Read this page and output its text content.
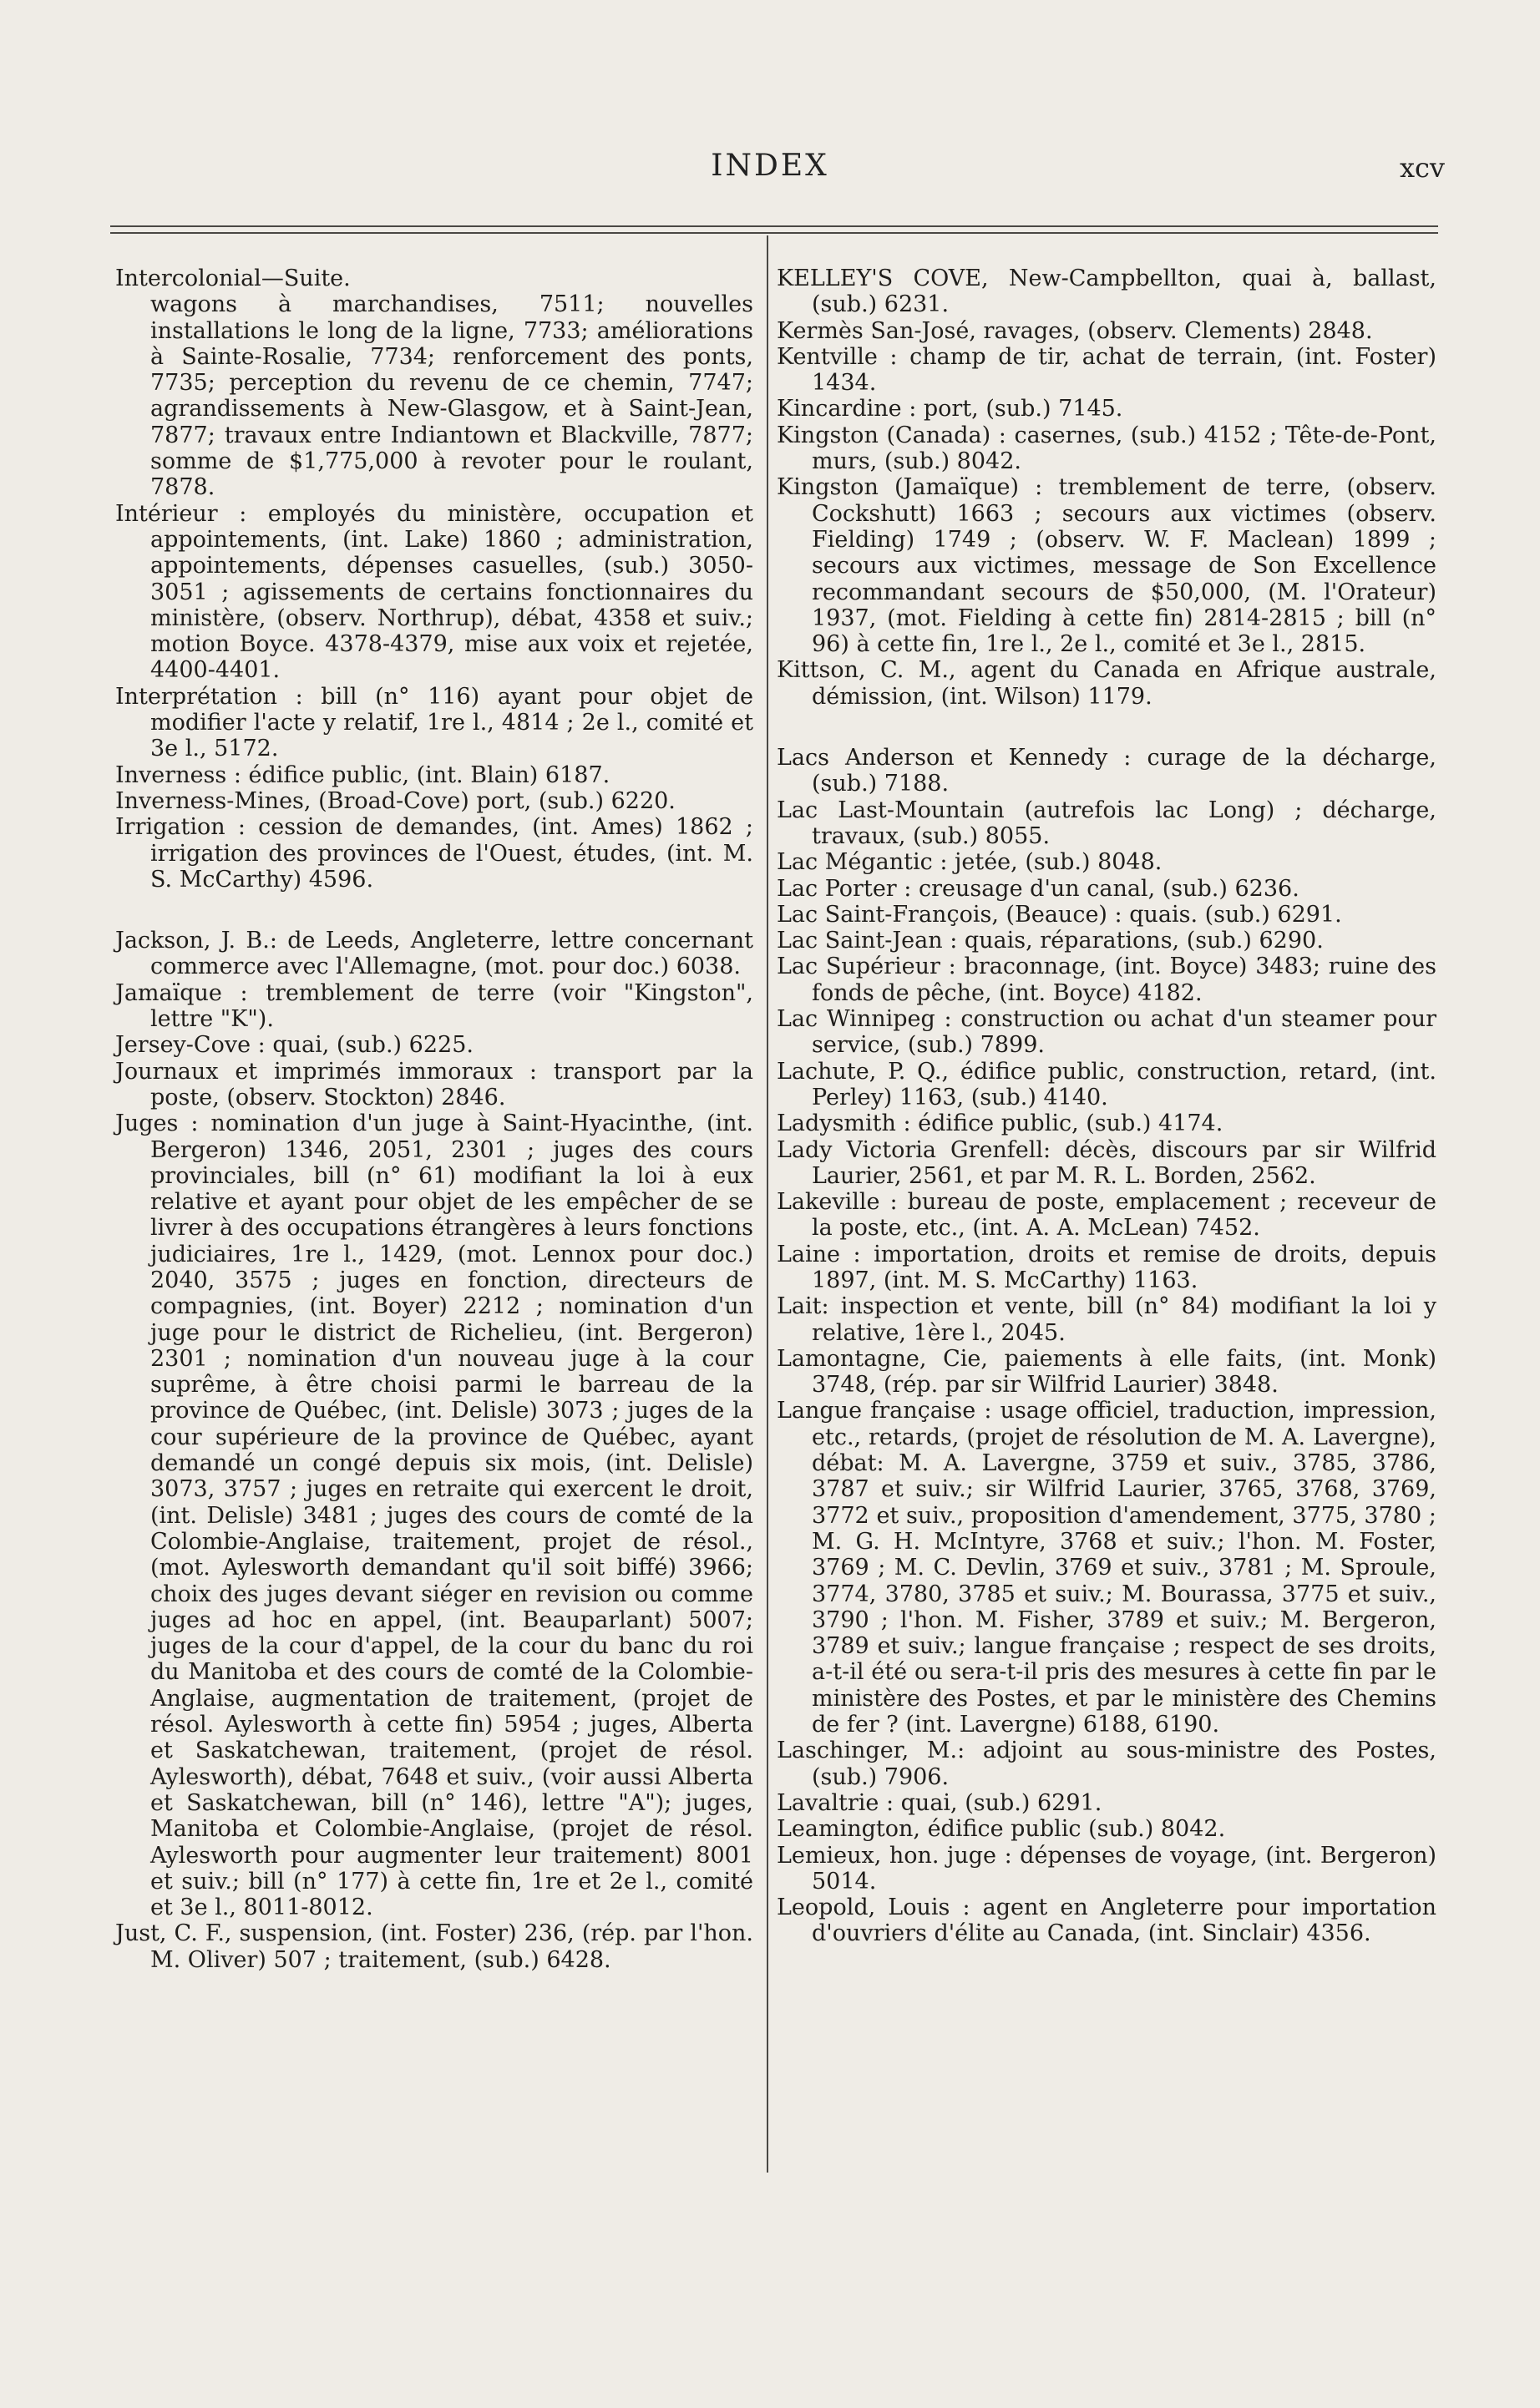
INDEX	xcv

Intercolonial—Suite.

wagons à marchandises, 7511; nouvelles installations le long de la ligne, 7733; améliorations à Sainte-Rosalie, 7734; renforcement des ponts, 7735; perception du revenu de ce chemin, 7747; agrandissements à New-Glasgow, et à Saint-Jean, 7877; travaux entre Indiantown et Blackville, 7877; somme de $1,775,000 à revoter pour le roulant, 7878.

Intérieur : employés du ministère, occupation et appointements, (int. Lake) 1860 ; administration, appointements, dépenses casuelles, (sub.) 3050-3051 ; agissements de certains fonctionnaires du ministère, (observ. Northrup), débat, 4358 et suiv.; motion Boyce. 4378-4379, mise aux voix et rejetée, 4400-4401.

Interprétation : bill (n° 116) ayant pour objet de modifier l'acte y relatif, 1re l., 4814 ; 2e l., comité et 3e l., 5172.

Inverness : édifice public, (int. Blain) 6187.

Inverness-Mines, (Broad-Cove) port, (sub.) 6220.

Irrigation : cession de demandes, (int. Ames) 1862 ; irrigation des provinces de l'Ouest, études, (int. M. S. McCarthy) 4596.

Jackson, J. B.: de Leeds, Angleterre, lettre concernant commerce avec l'Allemagne, (mot. pour doc.) 6038.

Jamaïque : tremblement de terre (voir "Kingston", lettre "K").

Jersey-Cove : quai, (sub.) 6225.

Journaux et imprimés immoraux : transport par la poste, (observ. Stockton) 2846.

Juges : nomination d'un juge à Saint-Hyacinthe, (int. Bergeron) 1346, 2051, 2301 ; juges des cours provinciales, bill (n° 61) modifiant la loi à eux relative et ayant pour objet de les empêcher de se livrer à des occupations étrangères à leurs fonctions judiciaires, 1re l., 1429, (mot. Lennox pour doc.) 2040, 3575 ; juges en fonction, directeurs de compagnies, (int. Boyer) 2212 ; nomination d'un juge pour le district de Richelieu, (int. Bergeron) 2301 ; nomination d'un nouveau juge à la cour suprême, à être choisi parmi le barreau de la province de Québec, (int. Delisle) 3073 ; juges de la cour supérieure de la province de Québec, ayant demandé un congé depuis six mois, (int. Delisle) 3073, 3757 ; juges en retraite qui exercent le droit, (int. Delisle) 3481 ; juges des cours de comté de la Colombie-Anglaise, traitement, projet de résol., (mot. Aylesworth demandant qu'il soit biffé) 3966; choix des juges devant siéger en revision ou comme juges ad hoc en appel, (int. Beauparlant) 5007; juges de la cour d'appel, de la cour du banc du roi du Manitoba et des cours de comté de la Colombie-Anglaise, augmentation de traitement, (projet de résol. Aylesworth à cette fin) 5954 ; juges, Alberta et Saskatchewan, traitement, (projet de résol. Aylesworth), débat, 7648 et suiv., (voir aussi Alberta et Saskatchewan, bill (n° 146), lettre "A"); juges, Manitoba et Colombie-Anglaise, (projet de résol. Aylesworth pour augmenter leur traitement) 8001 et suiv.; bill (n° 177) à cette fin, 1re et 2e l., comité et 3e l., 8011-8012.

Just, C. F., suspension, (int. Foster) 236, (rép. par l'hon. M. Oliver) 507 ; traitement, (sub.) 6428.

KELLEY'S COVE, New-Campbellton, quai à, ballast, (sub.) 6231.

Kermès San-José, ravages, (observ. Clements) 2848.

Kentville : champ de tir, achat de terrain, (int. Foster) 1434.

Kincardine : port, (sub.) 7145.

Kingston (Canada) : casernes, (sub.) 4152 ; Tête-de-Pont, murs, (sub.) 8042.

Kingston (Jamaïque) : tremblement de terre, (observ. Cockshutt) 1663 ; secours aux victimes (observ. Fielding) 1749 ; (observ. W. F. Maclean) 1899 ; secours aux victimes, message de Son Excellence recommandant secours de $50,000, (M. l'Orateur) 1937, (mot. Fielding à cette fin) 2814-2815 ; bill (n° 96) à cette fin, 1re l., 2e l., comité et 3e l., 2815.

Kittson, C. M., agent du Canada en Afrique australe, démission, (int. Wilson) 1179.

Lacs Anderson et Kennedy : curage de la décharge, (sub.) 7188.

Lac Last-Mountain (autrefois lac Long) ; décharge, travaux, (sub.) 8055.

Lac Mégantic : jetée, (sub.) 8048.

Lac Porter : creusage d'un canal, (sub.) 6236.

Lac Saint-François, (Beauce) : quais. (sub.) 6291.

Lac Saint-Jean : quais, réparations, (sub.) 6290.

Lac Supérieur : braconnage, (int. Boyce) 3483; ruine des fonds de pêche, (int. Boyce) 4182.

Lac Winnipeg : construction ou achat d'un steamer pour service, (sub.) 7899.

Lachute, P. Q., édifice public, construction, retard, (int. Perley) 1163, (sub.) 4140.

Ladysmith : édifice public, (sub.) 4174.

Lady Victoria Grenfell: décès, discours par sir Wilfrid Laurier, 2561, et par M. R. L. Borden, 2562.

Lakeville : bureau de poste, emplacement ; receveur de la poste, etc., (int. A. A. McLean) 7452.

Laine : importation, droits et remise de droits, depuis 1897, (int. M. S. McCarthy) 1163.

Lait: inspection et vente, bill (n° 84) modifiant la loi y relative, 1ère l., 2045.

Lamontagne, Cie, paiements à elle faits, (int. Monk) 3748, (rép. par sir Wilfrid Laurier) 3848.

Langue française : usage officiel, traduction, impression, etc., retards, (projet de résolution de M. A. Lavergne), débat: M. A. Lavergne, 3759 et suiv., 3785, 3786, 3787 et suiv.; sir Wilfrid Laurier, 3765, 3768, 3769, 3772 et suiv., proposition d'amendement, 3775, 3780 ; M. G. H. McIntyre, 3768 et suiv.; l'hon. M. Foster, 3769 ; M. C. Devlin, 3769 et suiv., 3781 ; M. Sproule, 3774, 3780, 3785 et suiv.; M. Bourassa, 3775 et suiv., 3790 ; l'hon. M. Fisher, 3789 et suiv.; M. Bergeron, 3789 et suiv.; langue française ; respect de ses droits, a-t-il été ou sera-t-il pris des mesures à cette fin par le ministère des Postes, et par le ministère des Chemins de fer ? (int. Lavergne) 6188, 6190.

Laschinger, M.: adjoint au sous-ministre des Postes, (sub.) 7906.

Lavaltrie : quai, (sub.) 6291.

Leamington, édifice public (sub.) 8042.

Lemieux, hon. juge : dépenses de voyage, (int. Bergeron) 5014.

Leopold, Louis : agent en Angleterre pour importation d'ouvriers d'élite au Canada, (int. Sinclair) 4356.
